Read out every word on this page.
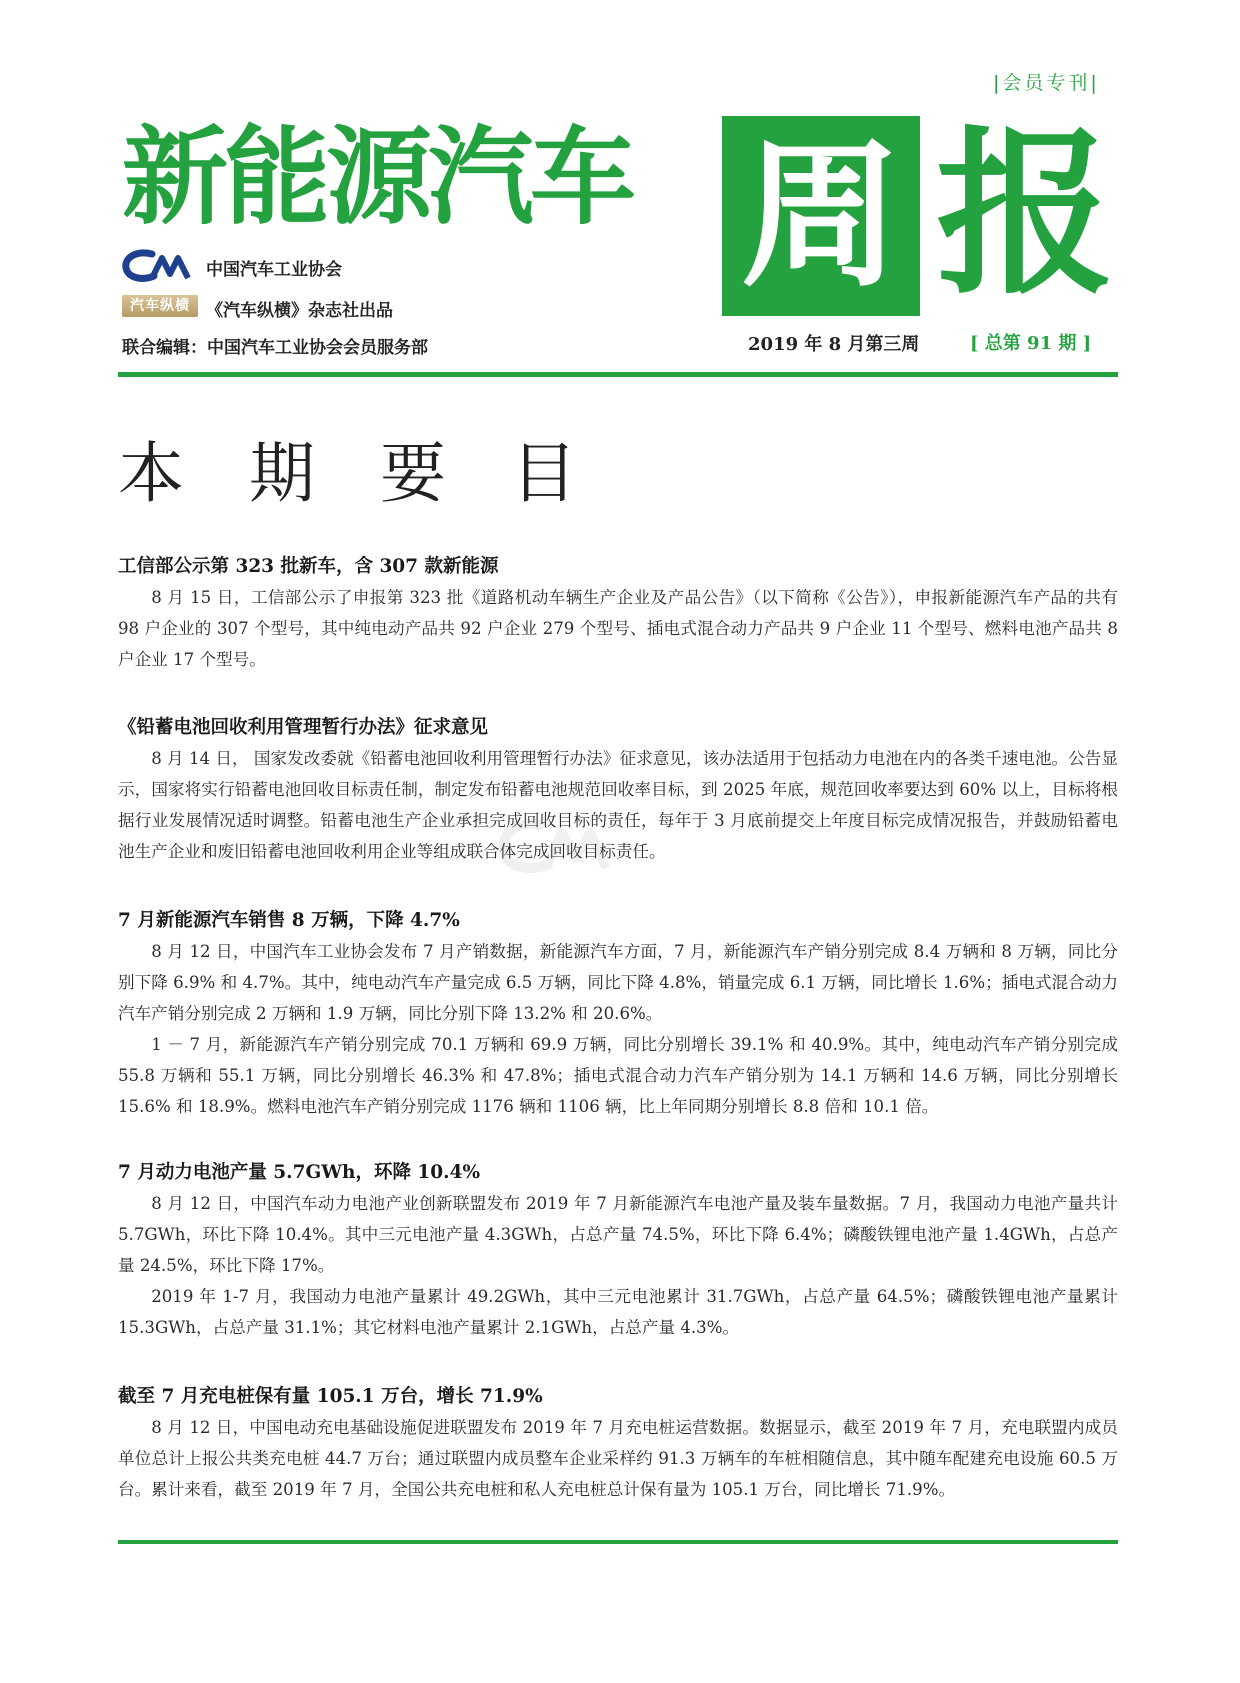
|会员专刊|
新能源汽车 周 报
中国汽车工业协会
汽车纵横 《汽车纵横》杂志社出品
联合编辑：中国汽车工业协会会员服务部	2019 年 8 月第三周	[ 总第 91 期 ]
本 期 要 目
工信部公示第 323 批新车，含 307 款新能源

8 月 15 日，工信部公示了申报第 323 批《道路机动车辆生产企业及产品公告》（以下简称《公告》），申报新能源汽车产品的共有 98 户企业的 307 个型号，其中纯电动产品共 92 户企业 279 个型号、插电式混合动力产品共 9 户企业 11 个型号、燃料电池产品共 8 户企业 17 个型号。

《铅蓄电池回收利用管理暂行办法》征求意见

8 月 14 日， 国家发改委就《铅蓄电池回收利用管理暂行办法》征求意见，该办法适用于包括动力电池在内的各类千速电池。公告显示，国家将实行铅蓄电池回收目标责任制，制定发布铅蓄电池规范回收率目标，到 2025 年底，规范回收率要达到 60% 以上，目标将根据行业发展情况适时调整。铅蓄电池生产企业承担完成回收目标的责任，每年于 3 月底前提交上年度目标完成情况报告，并鼓励铅蓄电池生产企业和废旧铅蓄电池回收利用企业等组成联合体完成回收目标责任。

7 月新能源汽车销售 8 万辆，下降 4.7%

8 月 12 日，中国汽车工业协会发布 7 月产销数据，新能源汽车方面，7 月，新能源汽车产销分别完成 8.4 万辆和 8 万辆，同比分别下降 6.9% 和 4.7%。其中，纯电动汽车产量完成 6.5 万辆，同比下降 4.8%，销量完成 6.1 万辆，同比增长 1.6%；插电式混合动力汽车产销分别完成 2 万辆和 1.9 万辆，同比分别下降 13.2% 和 20.6%。

1 － 7 月，新能源汽车产销分别完成 70.1 万辆和 69.9 万辆，同比分别增长 39.1% 和 40.9%。其中，纯电动汽车产销分别完成 55.8 万辆和 55.1 万辆，同比分别增长 46.3% 和 47.8%；插电式混合动力汽车产销分别为 14.1 万辆和 14.6 万辆，同比分别增长 15.6% 和 18.9%。燃料电池汽车产销分别完成 1176 辆和 1106 辆，比上年同期分别增长 8.8 倍和 10.1 倍。

7 月动力电池产量 5.7GWh，环降 10.4%

8 月 12 日，中国汽车动力电池产业创新联盟发布 2019 年 7 月新能源汽车电池产量及装车量数据。7 月，我国动力电池产量共计 5.7GWh，环比下降 10.4%。其中三元电池产量 4.3GWh，占总产量 74.5%，环比下降 6.4%；磷酸铁锂电池产量 1.4GWh，占总产量 24.5%，环比下降 17%。

2019 年 1-7 月，我国动力电池产量累计 49.2GWh，其中三元电池累计 31.7GWh，占总产量 64.5%；磷酸铁锂电池产量累计 15.3GWh，占总产量 31.1%；其它材料电池产量累计 2.1GWh，占总产量 4.3%。

截至 7 月充电桩保有量 105.1 万台，增长 71.9%

8 月 12 日，中国电动充电基础设施促进联盟发布 2019 年 7 月充电桩运营数据。数据显示，截至 2019 年 7 月，充电联盟内成员单位总计上报公共类充电桩 44.7 万台；通过联盟内成员整车企业采样约 91.3 万辆车的车桩相随信息，其中随车配建充电设施 60.5 万台。累计来看，截至 2019 年 7 月，全国公共充电桩和私人充电桩总计保有量为 105.1 万台，同比增长 71.9%。
